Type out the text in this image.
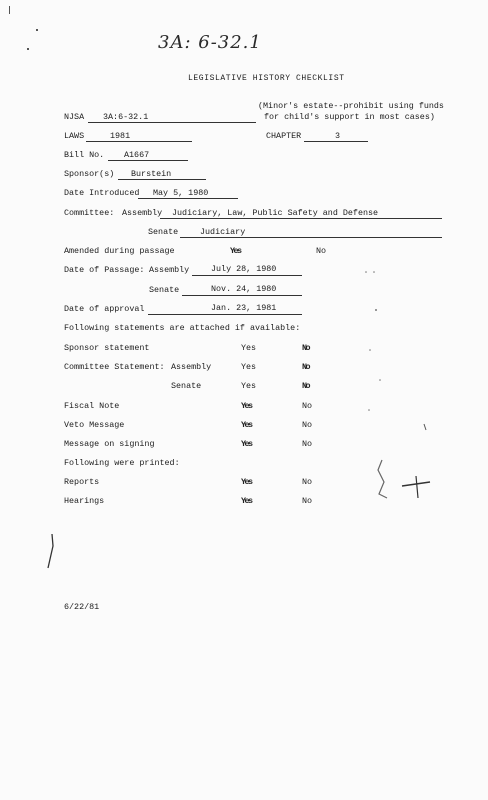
3A: 6-32.1
LEGISLATIVE HISTORY CHECKLIST
NJSA 3A:6-32.1
(Minor's estate--prohibit using funds
for child's support in most cases)
LAWS	1981	CHAPTER	3
Bill No. A1667
Sponsor(s) Burstein
Date Introduced May 5, 1980
Committee: Assembly Judiciary, Law, Public Safety and Defense
Senate	Judiciary
Amended during passage	Yes	No
Date of Passage: Assembly	July 28, 1980
Senate	Nov. 24, 1980
Date of approval	Jan. 23, 1981
Following statements are attached if available:
Sponsor statement	Yes	No
Committee Statement: Assembly	Yes	No
Senate	Yes	No
Fiscal Note	Yes	No
Veto Message	Yes	No
Message on signing	Yes	No
Following were printed:
Reports	Yes	No
Hearings	Yes	No
6/22/81
